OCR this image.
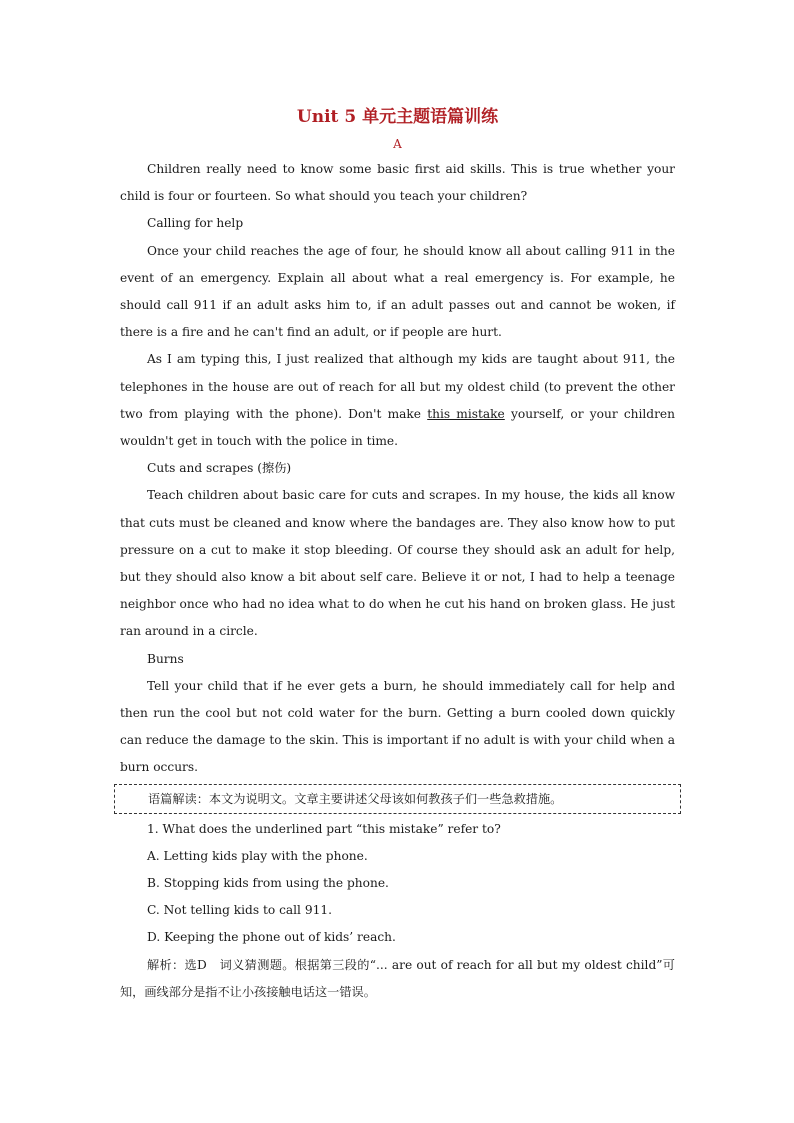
Unit 5 单元主题语篇训练
A

Children really need to know some basic first aid skills. This is true whether your child is four or fourteen. So what should you teach your children?

Calling for help

Once your child reaches the age of four, he should know all about calling 911 in the event of an emergency. Explain all about what a real emergency is. For example, he should call 911 if an adult asks him to, if an adult passes out and cannot be woken, if there is a fire and he can't find an adult, or if people are hurt.

As I am typing this, I just realized that although my kids are taught about 911, the telephones in the house are out of reach for all but my oldest child (to prevent the other two from playing with the phone). Don't make this mistake yourself, or your children wouldn't get in touch with the police in time.

Cuts and scrapes (擦伤)

Teach children about basic care for cuts and scrapes. In my house, the kids all know that cuts must be cleaned and know where the bandages are. They also know how to put pressure on a cut to make it stop bleeding. Of course they should ask an adult for help, but they should also know a bit about self care. Believe it or not, I had to help a teenage neighbor once who had no idea what to do when he cut his hand on broken glass. He just ran around in a circle.

Burns

Tell your child that if he ever gets a burn, he should immediately call for help and then run the cool but not cold water for the burn. Getting a burn cooled down quickly can reduce the damage to the skin. This is important if no adult is with your child when a burn occurs.

语篇解读：本文为说明文。文章主要讲述父母该如何教孩子们一些急救措施。

1. What does the underlined part “this mistake” refer to?

A. Letting kids play with the phone.

B. Stopping kids from using the phone.

C. Not telling kids to call 911.

D. Keeping the phone out of kids’ reach.

解析：选D　词义猜测题。根据第三段的“... are out of reach for all but my oldest child”可知，画线部分是指不让小孩接触电话这一错误。
